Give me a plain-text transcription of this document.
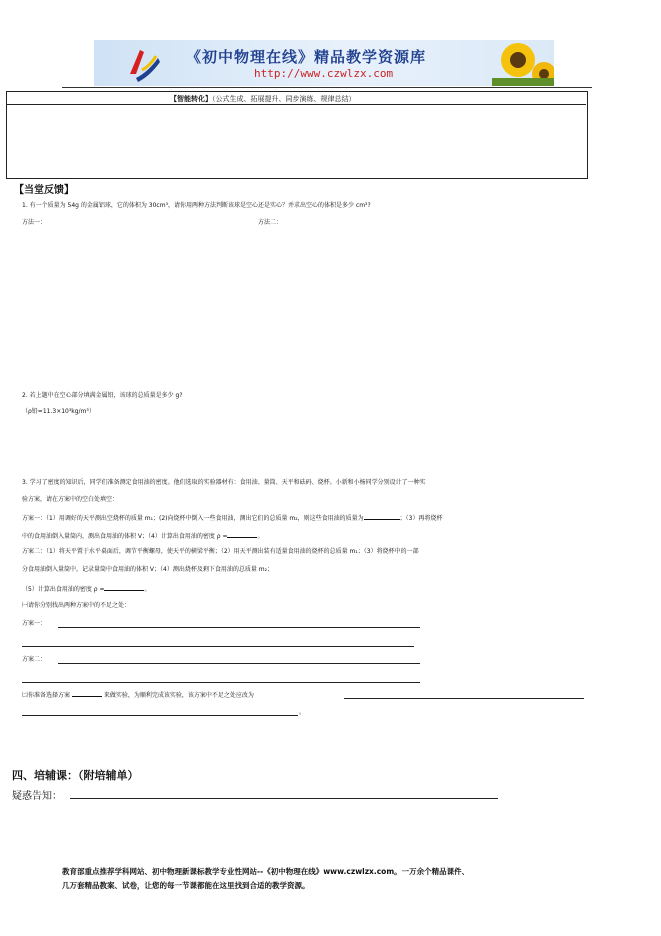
《初中物理在线》精品教学资源库
http://www.czwlzx.com
【智能转化】（公式生成、拓展提升、同步演练、规律总结）
【当堂反馈】
1. 有一个质量为 54g 的金属铝球，它的体积为 30cm³，请你用两种方法判断该球是空心还是实心？并求出空心的体积是多少 cm³?
方法一：	方法二：
2. 若上题中在空心部分填满金属铅，该球的总质量是多少 g?
（ρ铅=11.3×10³kg/m³）
3. 学习了密度的知识后，同学们准备测定食用油的密度。他们选取的实验器材有：食用油、量筒、天平和砝码、烧杯。小新和小杨同学分别设计了一种实
验方案，请在方案中的空白处填空：
方案一：（1）用调好的天平测出空烧杯的质量 m₁；(2)向烧杯中倒入一些食用油，测出它们的总质量 m₂，则这些食用油的质量为	；（3）再将烧杯
中的食用油倒入量筒内，测出食用油的体积 V；（4）计算出食用油的密度 ρ =	。
方案二：（1）将天平置于水平桌面后，调节平衡螺母，使天平的横梁平衡；（2）用天平测出装有适量食用油的烧杯的总质量 m₁；（3）将烧杯中的一部
分食用油倒入量筒中，记录量筒中食用油的体积 V；（4）测出烧杯及剩下食用油的总质量 m₂；
（5）计算出食用油的密度 ρ =	。
㈠请你分别找出两种方案中的不足之处：
方案一：
方案二：
㈡你准备选择方案	来做实验，为顺利完成该实验，该方案中不足之处应改为
。
四、培辅课：（附培辅单）
疑惑告知：
教育部重点推荐学科网站、初中物理新课标教学专业性网站--《初中物理在线》www.czwlzx.com。一万余个精品课件、
几万套精品教案、试卷，让您的每一节课都能在这里找到合适的教学资源。
